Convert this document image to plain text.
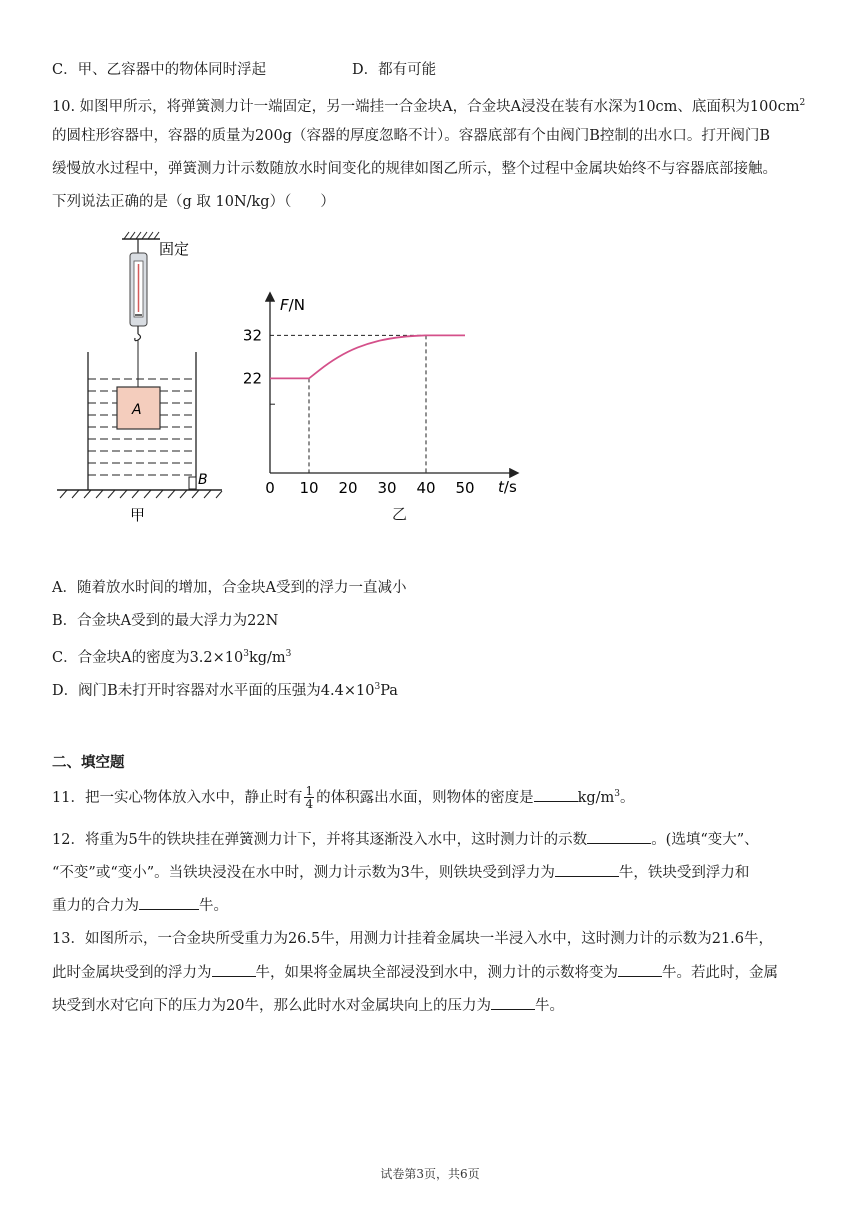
C．甲、乙容器中的物体同时浮起	D．都有可能
10. 如图甲所示，将弹簧测力计一端固定，另一端挂一合金块A，合金块A浸没在装有水深为10cm、底面积为$100cm^2$
的圆柱形容器中，容器的质量为200g（容器的厚度忽略不计）。容器底部有个由阀门B控制的出水口。打开阀门B
缓慢放水过程中，弹簧测力计示数随放水时间变化的规律如图乙所示，整个过程中金属块始终不与容器底部接触。
下列说法正确的是（g 取 10N/kg）（　　）
固定
A
B
甲
F/N
t/s
0 10 20 30 40 50
22
32
乙
A．随着放水时间的增加，合金块A受到的浮力一直减小
B．合金块A受到的最大浮力为22N
C．合金块A的密度为$3.2\times 10^3kg/m^3$
D．阀门B未打开时容器对水平面的压强为$4.4\times 10^3Pa$
二、填空题
11．把一实心物体放入水中，静止时有 $\frac{1}{4}$ 的体积露出水面，则物体的密度是	$kg/m^3$。
12．将重为5牛的铁块挂在弹簧测力计下，并将其逐渐没入水中，这时测力计的示数	。(选填“变大”、
“不变”或“变小”。当铁块浸没在水中时，测力计示数为3牛，则铁块受到浮力为	牛，铁块受到浮力和
重力的合力为	牛。
13．如图所示，一合金块所受重力为26.5牛，用测力计挂着金属块一半浸入水中，这时测力计的示数为21.6牛，
此时金属块受到的浮力为	牛，如果将金属块全部浸没到水中，测力计的示数将变为	牛。若此时，金属
块受到水对它向下的压力为20牛，那么此时水对金属块向上的压力为	牛。
试卷第3页，共6页
